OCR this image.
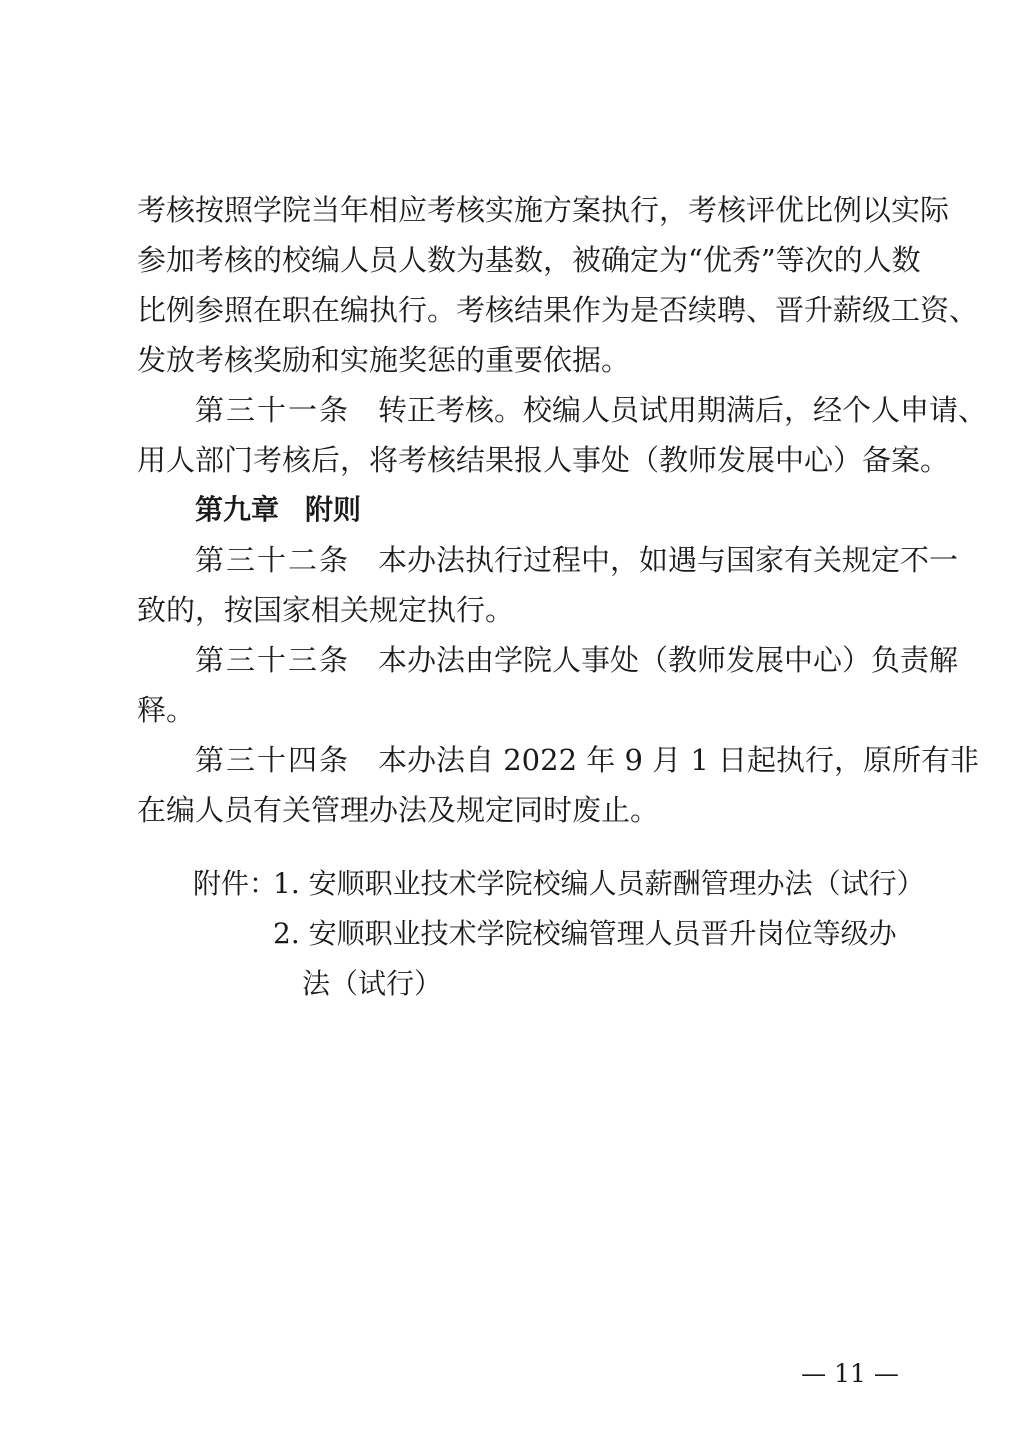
考核按照学院当年相应考核实施方案执行，考核评优比例以实际
参加考核的校编人员人数为基数，被确定为“优秀”等次的人数
比例参照在职在编执行。考核结果作为是否续聘、晋升薪级工资、
发放考核奖励和实施奖惩的重要依据。
第三十一条 转正考核。校编人员试用期满后，经个人申请、
用人部门考核后，将考核结果报人事处（教师发展中心）备案。
第九章 附则
第三十二条 本办法执行过程中，如遇与国家有关规定不一
致的，按国家相关规定执行。
第三十三条 本办法由学院人事处（教师发展中心）负责解
释。
第三十四条 本办法自 2022 年 9 月 1 日起执行，原所有非
在编人员有关管理办法及规定同时废止。
附件：
1. 安顺职业技术学院校编人员薪酬管理办法（试行）
2. 安顺职业技术学院校编管理人员晋升岗位等级办
法（试行）
— 11 —
